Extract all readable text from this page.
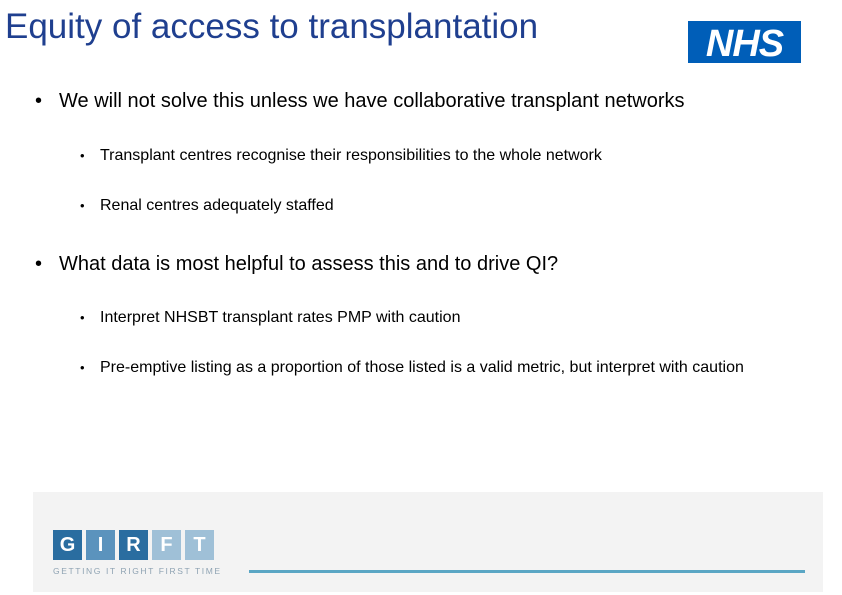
Equity of access to transplantation	NHS
• We will not solve this unless we have collaborative transplant networks
• Transplant centres recognise their responsibilities to the whole network
• Renal centres adequately staffed
• What data is most helpful to assess this and to drive QI?
• Interpret NHSBT transplant rates PMP with caution
• Pre-emptive listing as a proportion of those listed is a valid metric, but interpret with caution
G	I	R F	T
GETTING IT RIGHT FIRST TIME
